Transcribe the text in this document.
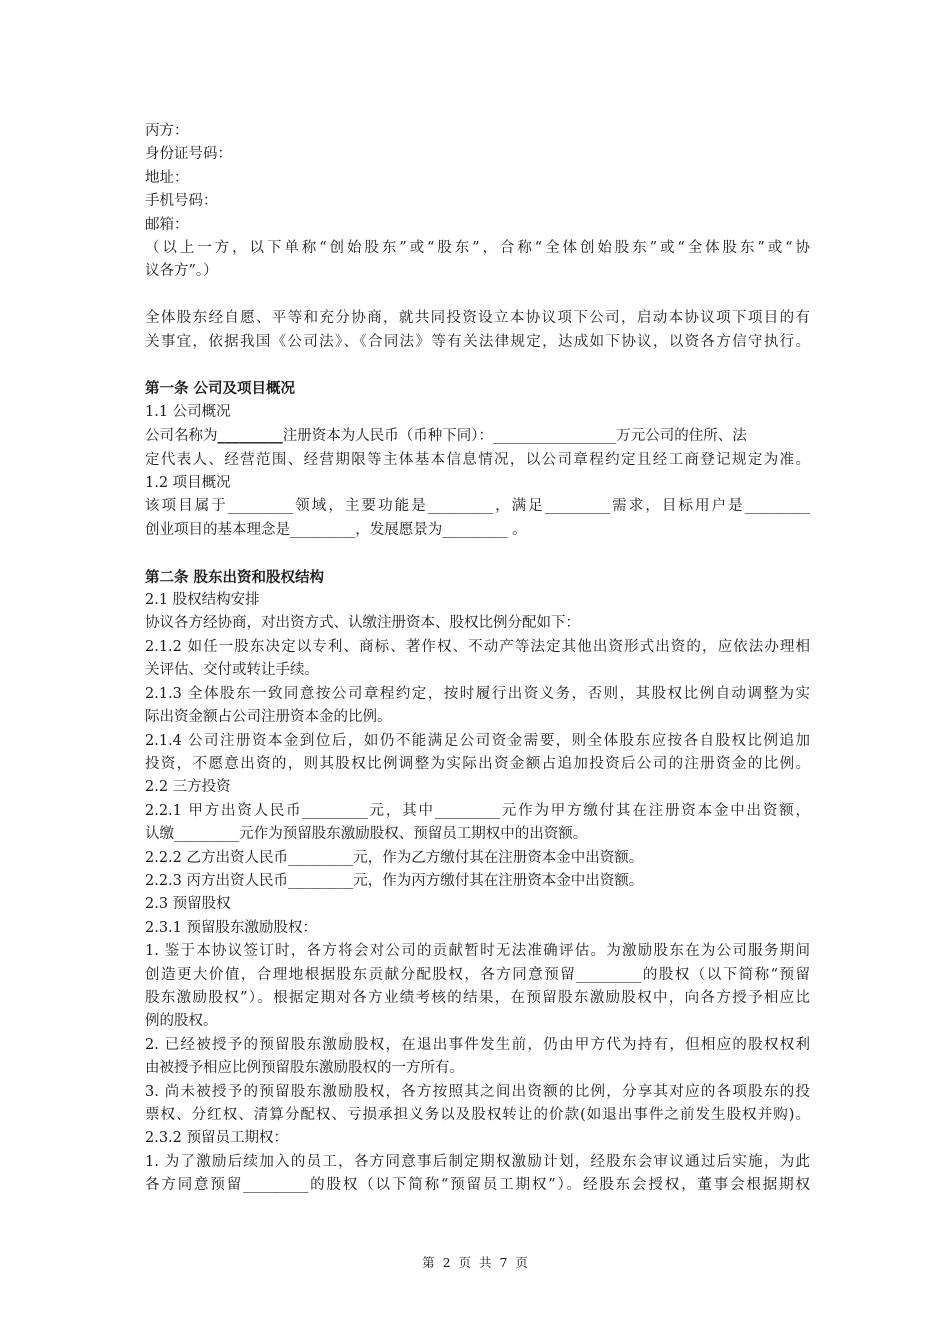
丙方：
身份证号码：
地址：
手机号码：
邮箱：
（以上一方，以下单称“创始股东”或“股东”，合称“全体创始股东”或“全体股东”或“协
议各方”。）
全体股东经自愿、平等和充分协商，就共同投资设立本协议项下公司，启动本协议项下项目的有
关事宜，依据我国《公司法》、《合同法》等有关法律规定，达成如下协议，以资各方信守执行。
第一条 公司及项目概况
1.1 公司概况
公司名称为_________注册资本为人民币（币种下同）：_________________万元公司的住所、法
定代表人、经营范围、经营期限等主体基本信息情况，以公司章程约定且经工商登记规定为准。
1.2 项目概况
该项目属于_________领域，主要功能是_________，满足_________需求，目标用户是_________
创业项目的基本理念是_________，发展愿景为_________ 。
第二条 股东出资和股权结构
2.1 股权结构安排
协议各方经协商，对出资方式、认缴注册资本、股权比例分配如下：
2.1.2 如任一股东决定以专利、商标、著作权、不动产等法定其他出资形式出资的，应依法办理相
关评估、交付或转让手续。
2.1.3 全体股东一致同意按公司章程约定，按时履行出资义务，否则，其股权比例自动调整为实
际出资金额占公司注册资本金的比例。
2.1.4 公司注册资本金到位后，如仍不能满足公司资金需要，则全体股东应按各自股权比例追加
投资，不愿意出资的，则其股权比例调整为实际出资金额占追加投资后公司的注册资金的比例。
2.2 三方投资
2.2.1 甲方出资人民币_________元，其中_________元作为甲方缴付其在注册资本金中出资额，
认缴_________元作为预留股东激励股权、预留员工期权中的出资额。
2.2.2 乙方出资人民币_________元，作为乙方缴付其在注册资本金中出资额。
2.2.3 丙方出资人民币_________元，作为丙方缴付其在注册资本金中出资额。
2.3 预留股权
2.3.1 预留股东激励股权：
1. 鉴于本协议签订时，各方将会对公司的贡献暂时无法准确评估。为激励股东在为公司服务期间
创造更大价值，合理地根据股东贡献分配股权，各方同意预留_________的股权（以下简称“预留
股东激励股权”）。根据定期对各方业绩考核的结果，在预留股东激励股权中，向各方授予相应比
例的股权。
2. 已经被授予的预留股东激励股权，在退出事件发生前，仍由甲方代为持有，但相应的股权权利
由被授予相应比例预留股东激励股权的一方所有。
3. 尚未被授予的预留股东激励股权，各方按照其之间出资额的比例，分享其对应的各项股东的投
票权、分红权、清算分配权、亏损承担义务以及股权转让的价款(如退出事件之前发生股权并购)。
2.3.2 预留员工期权：
1. 为了激励后续加入的员工，各方同意事后制定期权激励计划，经股东会审议通过后实施，为此
各方同意预留_________的股权（以下简称“预留员工期权”）。经股东会授权，董事会根据期权
第 2 页 共 7 页
